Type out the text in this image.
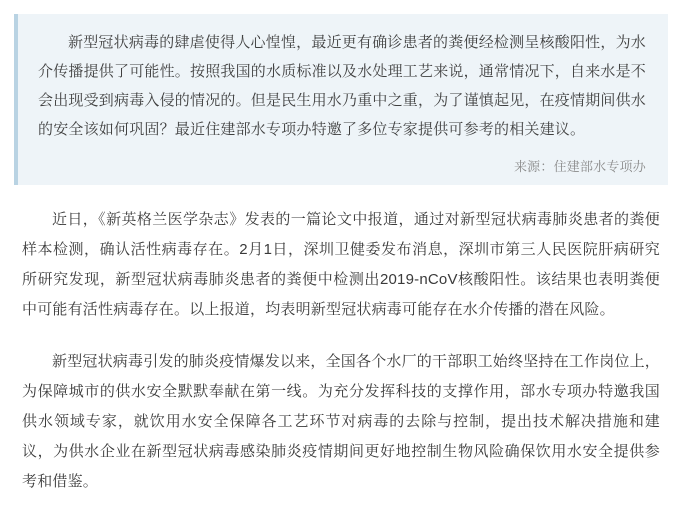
新型冠状病毒的肆虐使得人心惶惶，最近更有确诊患者的粪便经检测呈核酸阳性，为水介传播提供了可能性。按照我国的水质标准以及水处理工艺来说，通常情况下，自来水是不会出现受到病毒入侵的情况的。但是民生用水乃重中之重，为了谨慎起见，在疫情期间供水的安全该如何巩固？最近住建部水专项办特邀了多位专家提供可参考的相关建议。

来源：住建部水专项办

近日，《新英格兰医学杂志》发表的一篇论文中报道，通过对新型冠状病毒肺炎患者的粪便样本检测，确认活性病毒存在。2月1日，深圳卫健委发布消息，深圳市第三人民医院肝病研究所研究发现，新型冠状病毒肺炎患者的粪便中检测出2019-nCoV核酸阳性。该结果也表明粪便中可能有活性病毒存在。以上报道，均表明新型冠状病毒可能存在水介传播的潜在风险。

新型冠状病毒引发的肺炎疫情爆发以来，全国各个水厂的干部职工始终坚持在工作岗位上，为保障城市的供水安全默默奉献在第一线。为充分发挥科技的支撑作用，部水专项办特邀我国供水领域专家，就饮用水安全保障各工艺环节对病毒的去除与控制，提出技术解决措施和建议，为供水企业在新型冠状病毒感染肺炎疫情期间更好地控制生物风险确保饮用水安全提供参考和借鉴。
